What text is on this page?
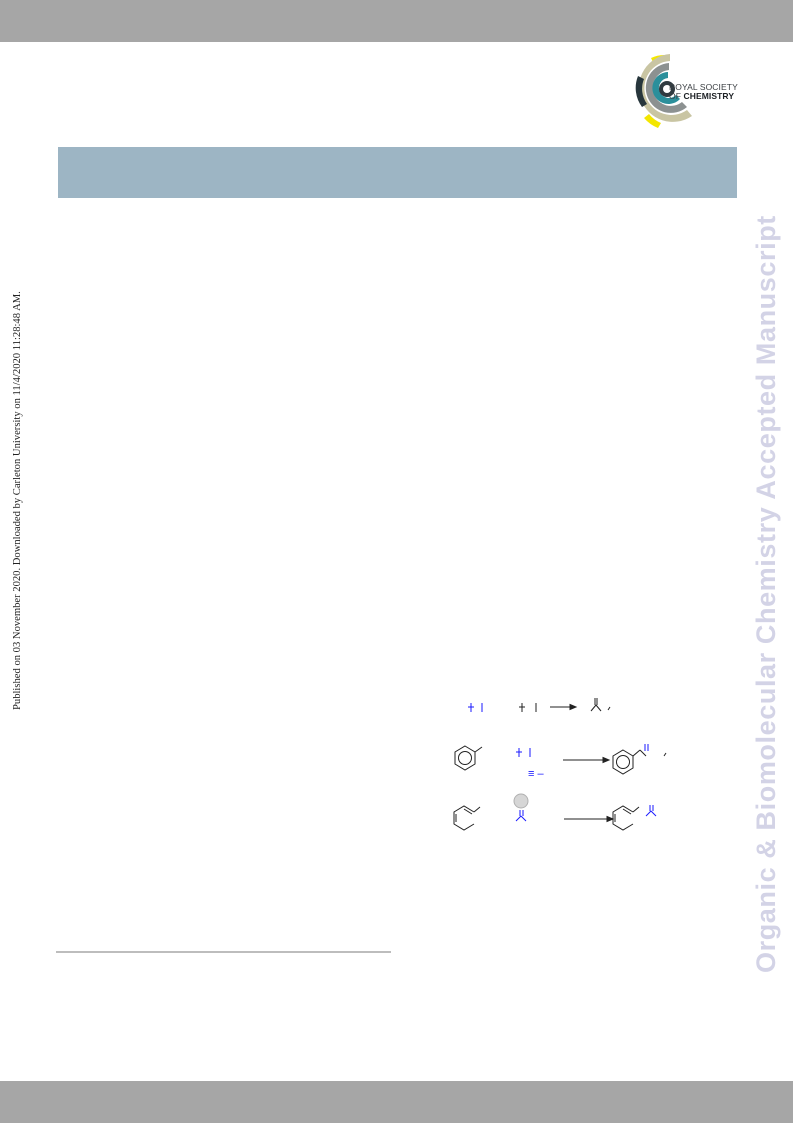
ROYAL SOCIETY
OF CHEMISTRY
Published on 03 November 2020. Downloaded by Carleton University on 11/4/2020 11:28:48 AM.	Organic & Biomolecular Chemistry Accepted Manuscript
≡ –
